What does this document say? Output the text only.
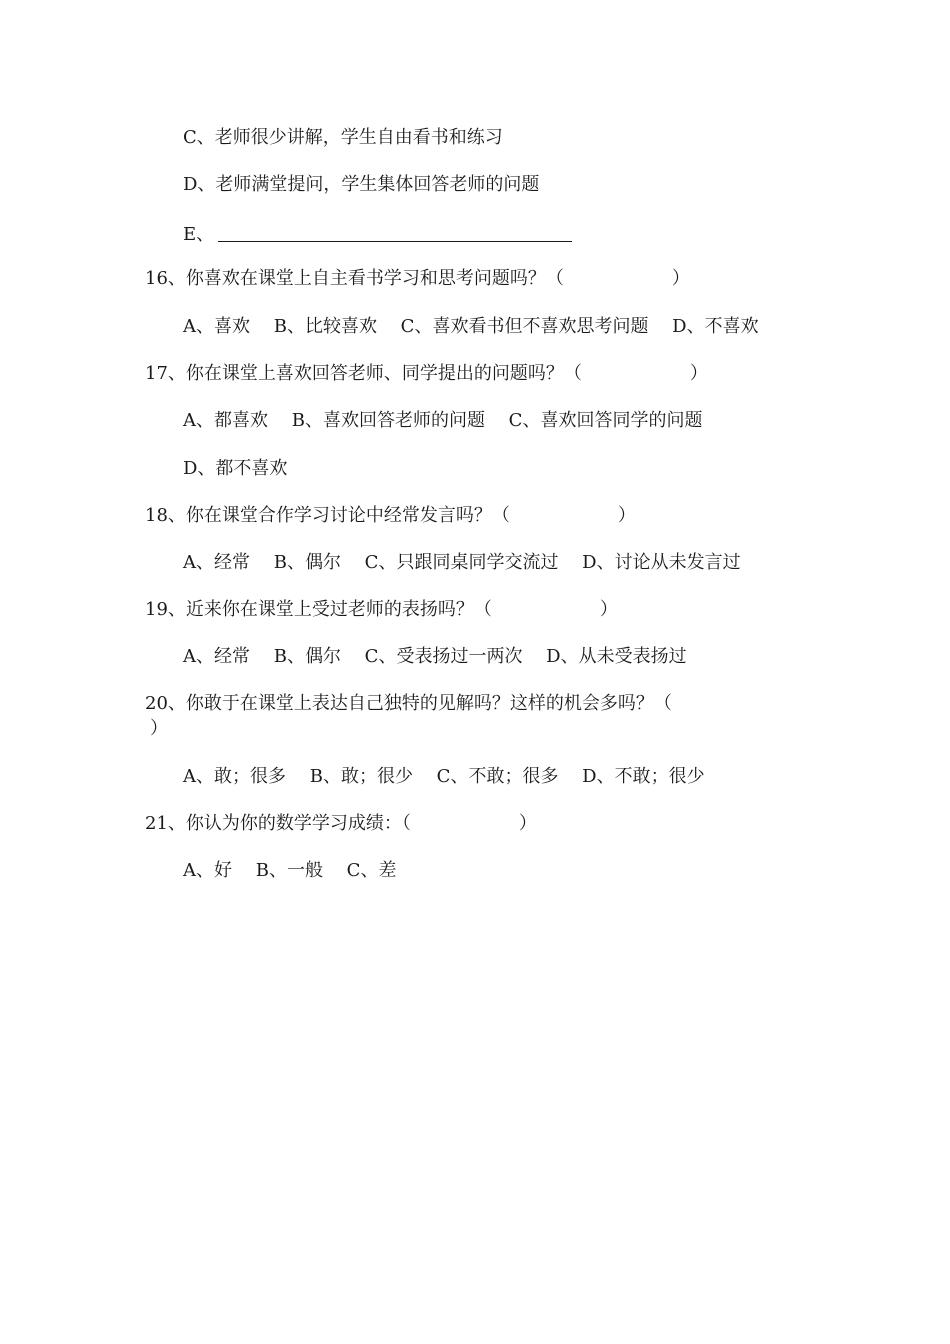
C、老师很少讲解，学生自由看书和练习
D、老师满堂提问，学生集体回答老师的问题
E、
16、你喜欢在课堂上自主看书学习和思考问题吗？（　　　　　　）
A、喜欢　 B、比较喜欢　 C、喜欢看书但不喜欢思考问题　 D、不喜欢
17、你在课堂上喜欢回答老师、同学提出的问题吗？（　　　　　　）
A、都喜欢　 B、喜欢回答老师的问题　 C、喜欢回答同学的问题
D、都不喜欢
18、你在课堂合作学习讨论中经常发言吗？（　　　　　　）
A、经常　 B、偶尔　 C、只跟同桌同学交流过　 D、讨论从未发言过
19、近来你在课堂上受过老师的表扬吗？（　　　　　　）
A、经常　 B、偶尔　 C、受表扬过一两次　 D、从未受表扬过
20、你敢于在课堂上表达自己独特的见解吗？这样的机会多吗？（
）
A、敢；很多　 B、敢；很少　 C、不敢；很多　 D、不敢；很少
21、你认为你的数学学习成绩：（　　　　　　）
A、好　 B、一般　 C、差
